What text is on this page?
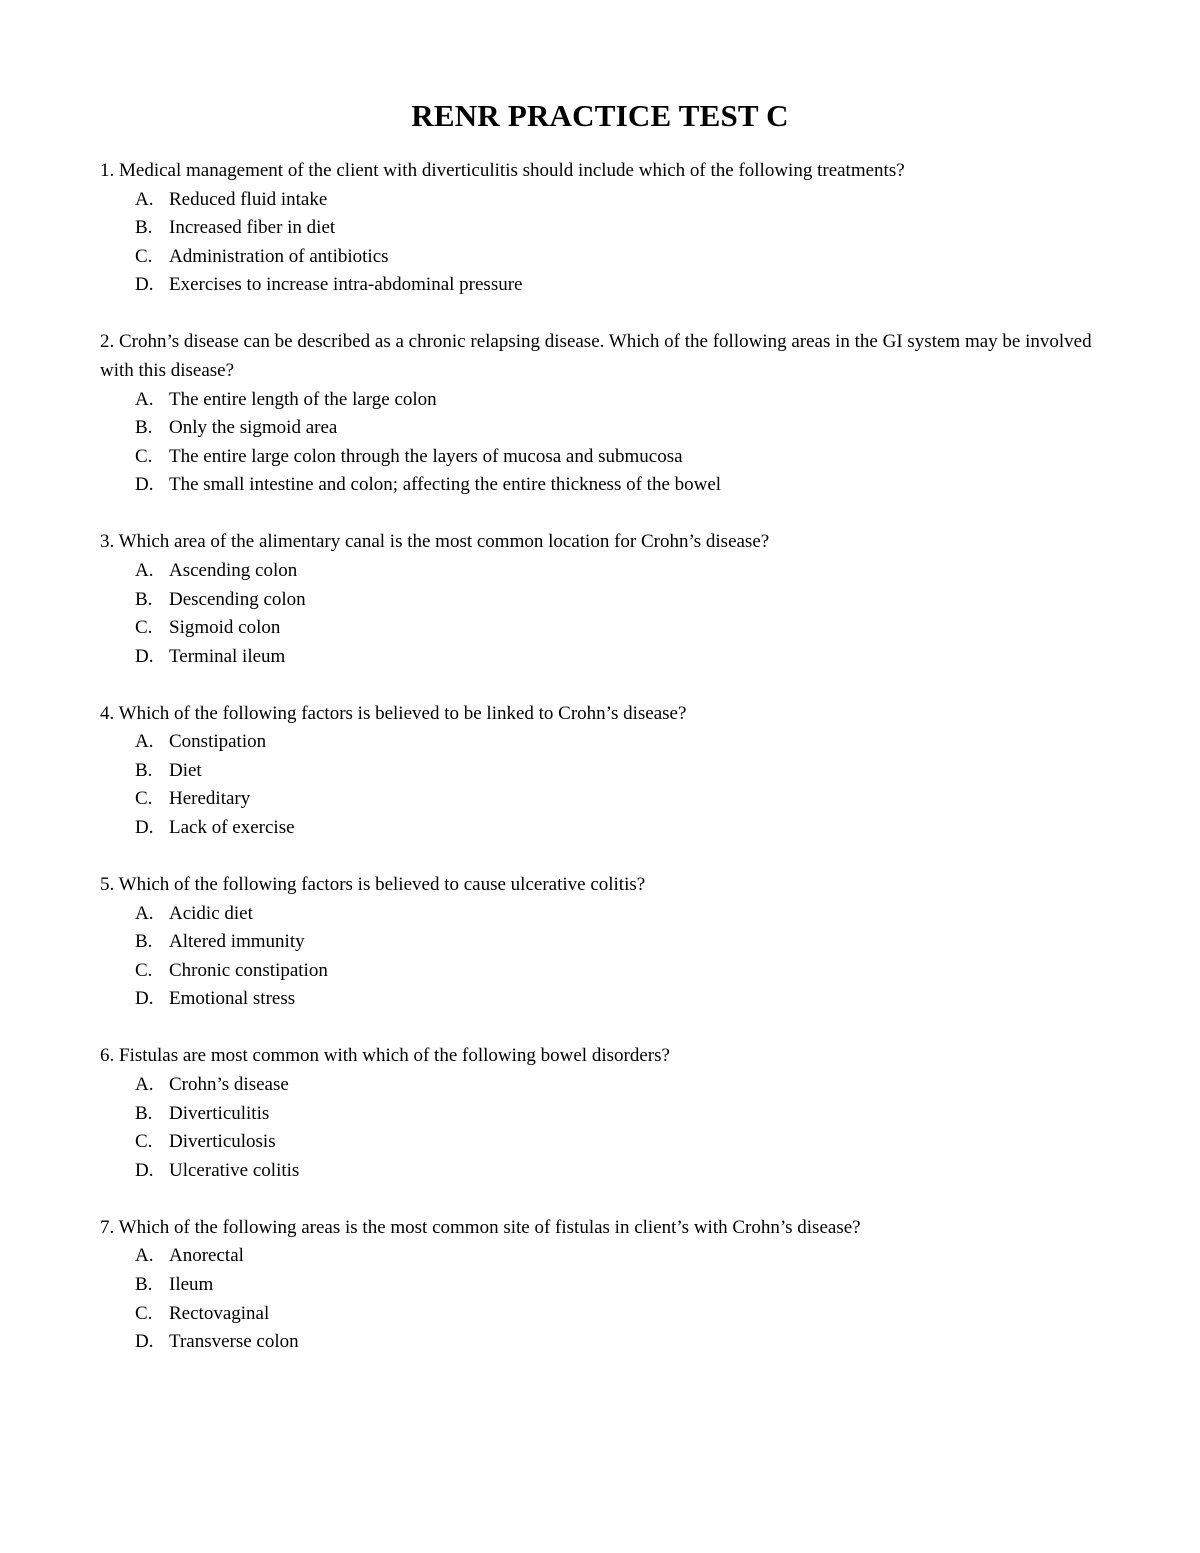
RENR PRACTICE TEST C

1. Medical management of the client with diverticulitis should include which of the following treatments?

A. Reduced fluid intake
B. Increased fiber in diet
C. Administration of antibiotics
D. Exercises to increase intra-abdominal pressure

2. Crohn’s disease can be described as a chronic relapsing disease. Which of the following areas in the GI system may be involved with this disease?

A. The entire length of the large colon
B. Only the sigmoid area
C. The entire large colon through the layers of mucosa and submucosa
D. The small intestine and colon; affecting the entire thickness of the bowel

3. Which area of the alimentary canal is the most common location for Crohn’s disease?

A. Ascending colon
B. Descending colon
C. Sigmoid colon
D. Terminal ileum

4. Which of the following factors is believed to be linked to Crohn’s disease?

A. Constipation
B. Diet
C. Hereditary
D. Lack of exercise

5. Which of the following factors is believed to cause ulcerative colitis?

A. Acidic diet
B. Altered immunity
C. Chronic constipation
D. Emotional stress

6. Fistulas are most common with which of the following bowel disorders?

A. Crohn’s disease
B. Diverticulitis
C. Diverticulosis
D. Ulcerative colitis

7. Which of the following areas is the most common site of fistulas in client’s with Crohn’s disease?

A. Anorectal
B. Ileum
C. Rectovaginal
D. Transverse colon
